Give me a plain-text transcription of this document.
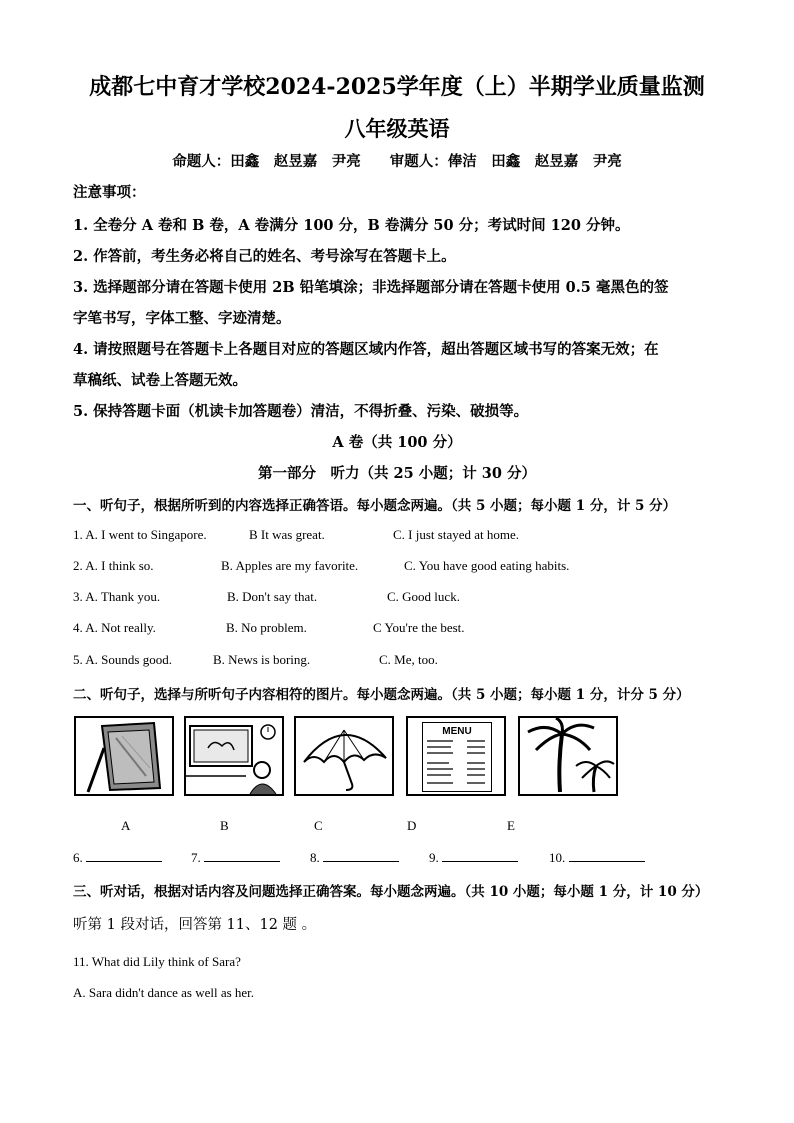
成都七中育才学校2024-2025学年度（上）半期学业质量监测
八年级英语
命题人：田鑫　赵昱嘉　尹亮　　审题人：俸洁　田鑫　赵昱嘉　尹亮
注意事项：
1. 全卷分 A 卷和 B 卷，A 卷满分 100 分，B 卷满分 50 分；考试时间 120 分钟。
2. 作答前，考生务必将自己的姓名、考号涂写在答题卡上。
3. 选择题部分请在答题卡使用 2B 铅笔填涂；非选择题部分请在答题卡使用 0.5 毫黑色的签
字笔书写，字体工整、字迹清楚。
4. 请按照题号在答题卡上各题目对应的答题区域内作答，超出答题区域书写的答案无效；在
草稿纸、试卷上答题无效。
5. 保持答题卡面（机读卡加答题卷）清洁，不得折叠、污染、破损等。
A 卷（共 100 分）
第一部分　听力（共 25 小题；计 30 分）
一、听句子，根据所听到的内容选择正确答语。每小题念两遍。（共 5 小题；每小题 1 分，计 5 分）
1. A. I went to Singapore.	B It was great.	C. I just stayed at home.
2. A. I think so.	B. Apples are my favorite.	C. You have good eating habits.
3. A. Thank you.	B. Don't say that.	C. Good luck.
4. A. Not really.	B. No problem.	C You're the best.
5. A. Sounds good.	B. News is boring.	C. Me, too.
二、听句子，选择与所听句子内容相符的图片。每小题念两遍。（共 5 小题；每小题 1 分，计分 5 分）
MENU
A	B	C	D	E
6.	7.	8.	9.	10.
三、听对话，根据对话内容及问题选择正确答案。每小题念两遍。（共 10 小题；每小题 1 分，计 10 分）
听第 1 段对话，回答第 11、12 题 。
11. What did Lily think of Sara?
A. Sara didn't dance as well as her.
